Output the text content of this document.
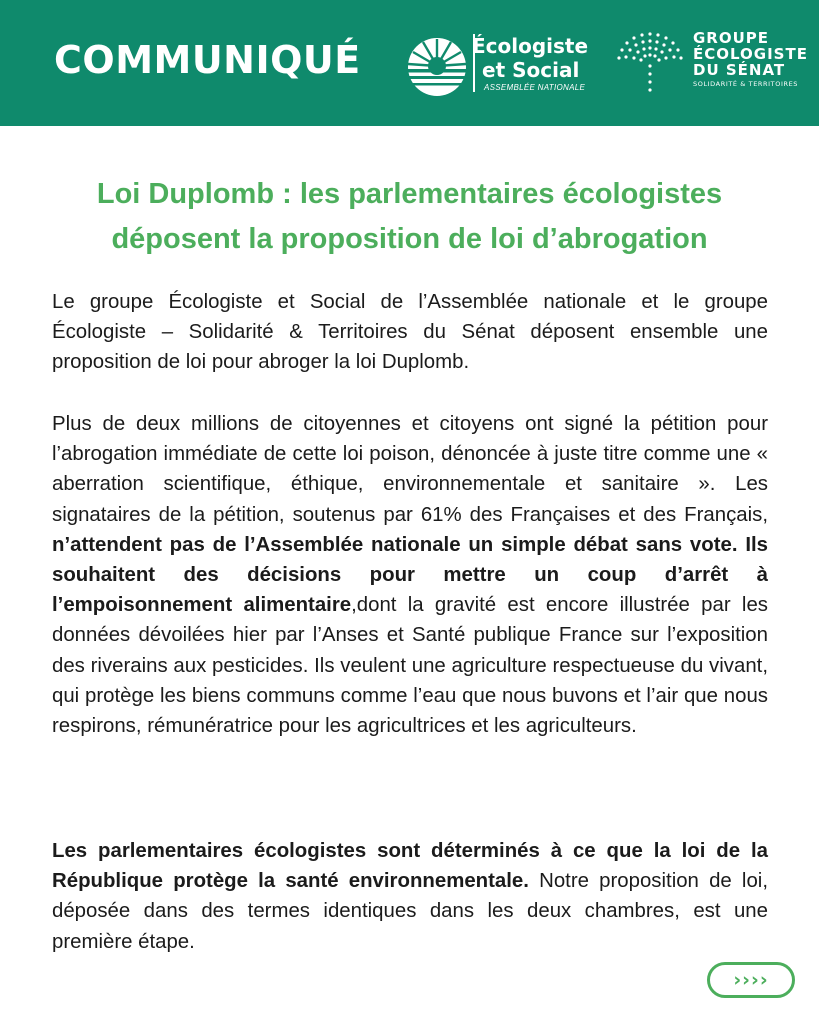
COMMUNIQUÉ	Écologiste
et Social
ASSEMBLÉE NATIONALE
GROUPE
ÉCOLOGISTE
DU SÉNAT
SOLIDARITÉ & TERRITOIRES
Loi Duplomb : les parlementaires écologistes
déposent la proposition de loi d’abrogation
Le groupe Écologiste et Social de l’Assemblée nationale et le groupe Écologiste – Solidarité & Territoires du Sénat déposent ensemble une proposition de loi pour abroger la loi Duplomb.
Plus de deux millions de citoyennes et citoyens ont signé la pétition pour l’abrogation immédiate de cette loi poison, dénoncée à juste titre comme une « aberration scientifique, éthique, environnementale et sanitaire ». Les signataires de la pétition, soutenus par 61% des Françaises et des Français, n’attendent pas de l’Assemblée nationale un simple débat sans vote. Ils souhaitent des décisions pour mettre un coup d’arrêt à l’empoisonnement alimentaire,dont la gravité est encore illustrée par les données dévoilées hier par l’Anses et Santé publique France sur l’exposition des riverains aux pesticides. Ils veulent une agriculture respectueuse du vivant, qui protège les biens communs comme l’eau que nous buvons et l’air que nous respirons, rémunératrice pour les agricultrices et les agriculteurs.
Les parlementaires écologistes sont déterminés à ce que la loi de la République protège la santé environnementale. Notre proposition de loi, déposée dans des termes identiques dans les deux chambres, est une première étape.
››››
